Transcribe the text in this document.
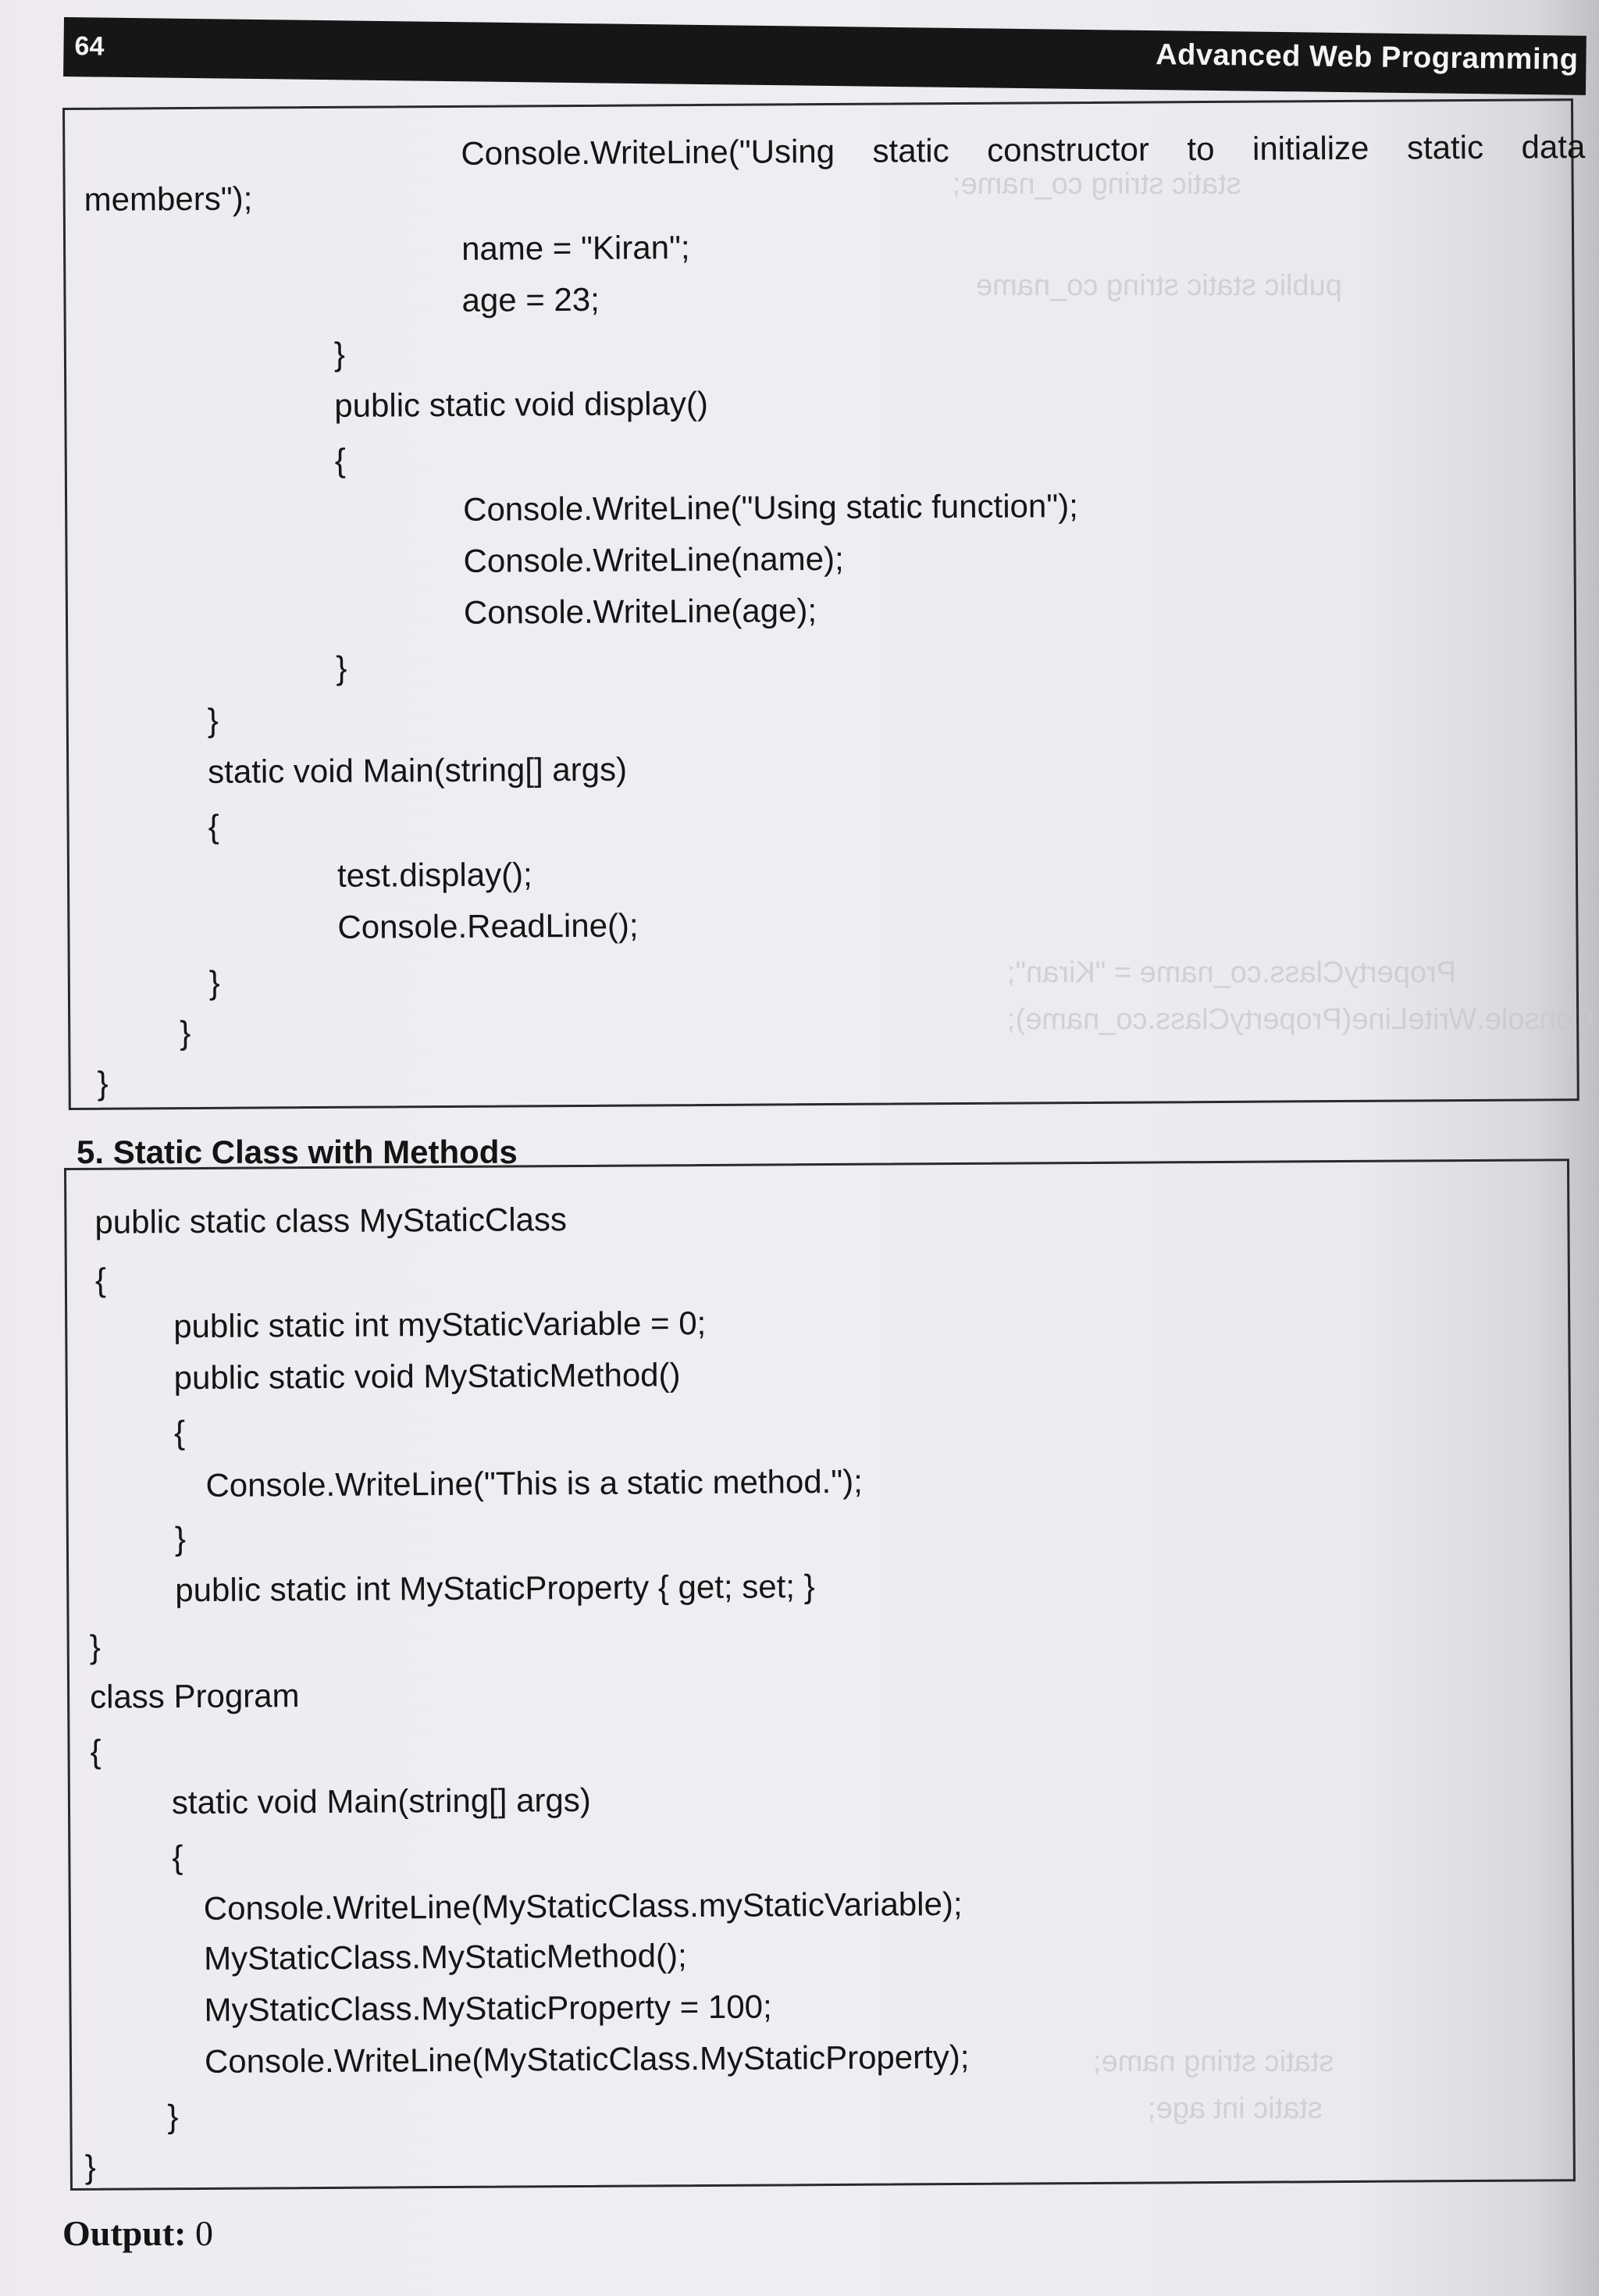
64	Advanced Web Programming
static string co_name;
public static string co_name
PropertyClass.co_name = "Kiran";
Console.WriteLine(PropertyClass.co_name);
static string name;
static int age;
Console.WriteLine("Using static constructor to initialize static data
members");
name = "Kiran";
age = 23;
}
public static void display()
{
Console.WriteLine("Using static function");
Console.WriteLine(name);
Console.WriteLine(age);
}
}
static void Main(string[] args)
{
test.display();
Console.ReadLine();
}
}
}
5. Static Class with Methods
public static class MyStaticClass
{
public static int myStaticVariable = 0;
public static void MyStaticMethod()
{
Console.WriteLine("This is a static method.");
}
public static int MyStaticProperty { get; set; }
}
class Program
{
static void Main(string[] args)
{
Console.WriteLine(MyStaticClass.myStaticVariable);
MyStaticClass.MyStaticMethod();
MyStaticClass.MyStaticProperty = 100;
Console.WriteLine(MyStaticClass.MyStaticProperty);
}
}
Output: 0
